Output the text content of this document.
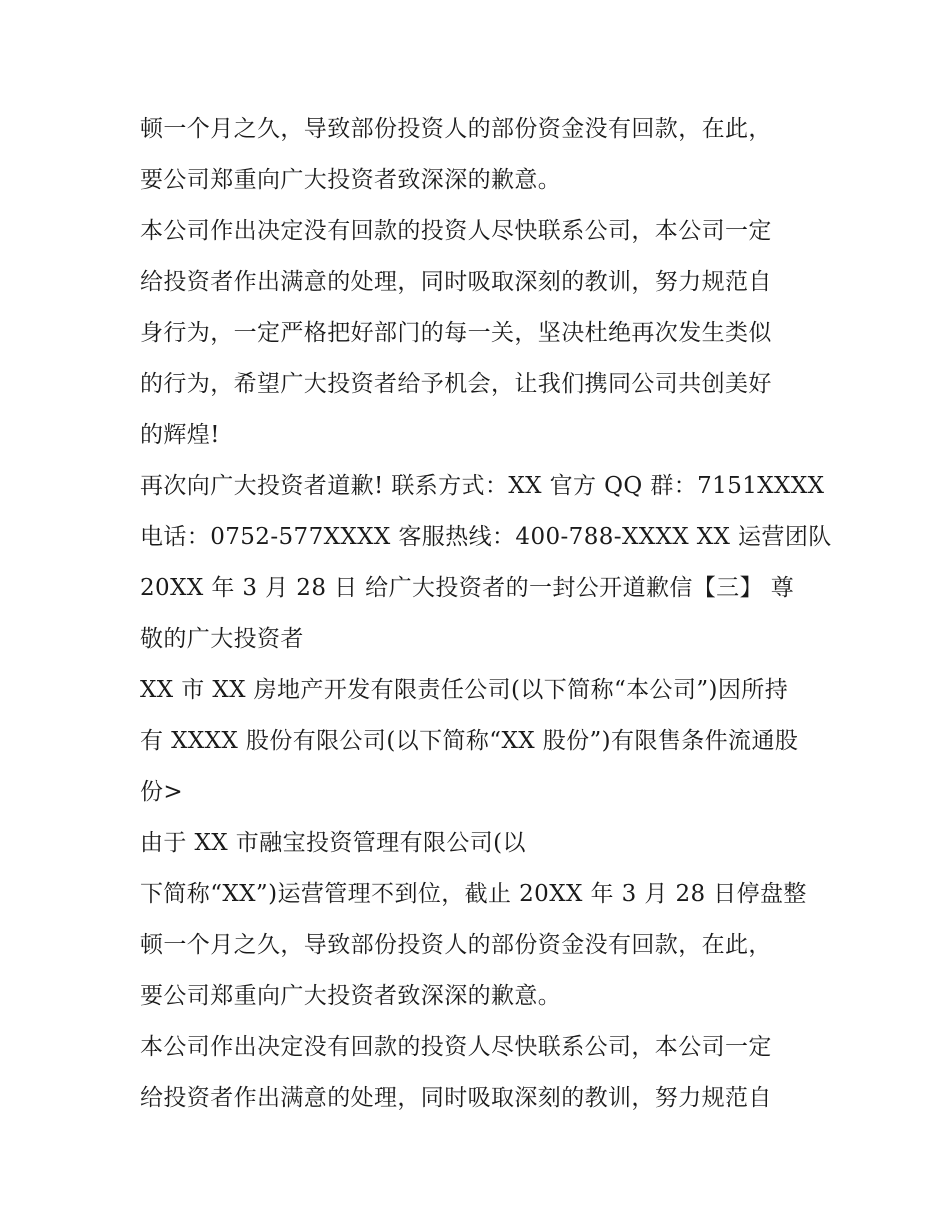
顿一个月之久，导致部份投资人的部份资金没有回款，在此，
要公司郑重向广大投资者致深深的歉意。
本公司作出决定没有回款的投资人尽快联系公司，本公司一定
给投资者作出满意的处理，同时吸取深刻的教训，努力规范自
身行为，一定严格把好部门的每一关，坚决杜绝再次发生类似
的行为，希望广大投资者给予机会，让我们携同公司共创美好
的辉煌!
再次向广大投资者道歉! 联系方式：XX 官方 QQ 群：7151XXXX
电话：0752-577XXXX 客服热线：400-788-XXXX XX 运营团队
20XX 年 3 月 28 日 给广大投资者的一封公开道歉信【三】 尊
敬的广大投资者
XX 市 XX 房地产开发有限责任公司(以下简称“本公司”)因所持
有 XXXX 股份有限公司(以下简称“XX 股份”)有限售条件流通股
份>
由于 XX 市融宝投资管理有限公司(以
下简称“XX”)运营管理不到位，截止 20XX 年 3 月 28 日停盘整
顿一个月之久，导致部份投资人的部份资金没有回款，在此，
要公司郑重向广大投资者致深深的歉意。
本公司作出决定没有回款的投资人尽快联系公司，本公司一定
给投资者作出满意的处理，同时吸取深刻的教训，努力规范自
